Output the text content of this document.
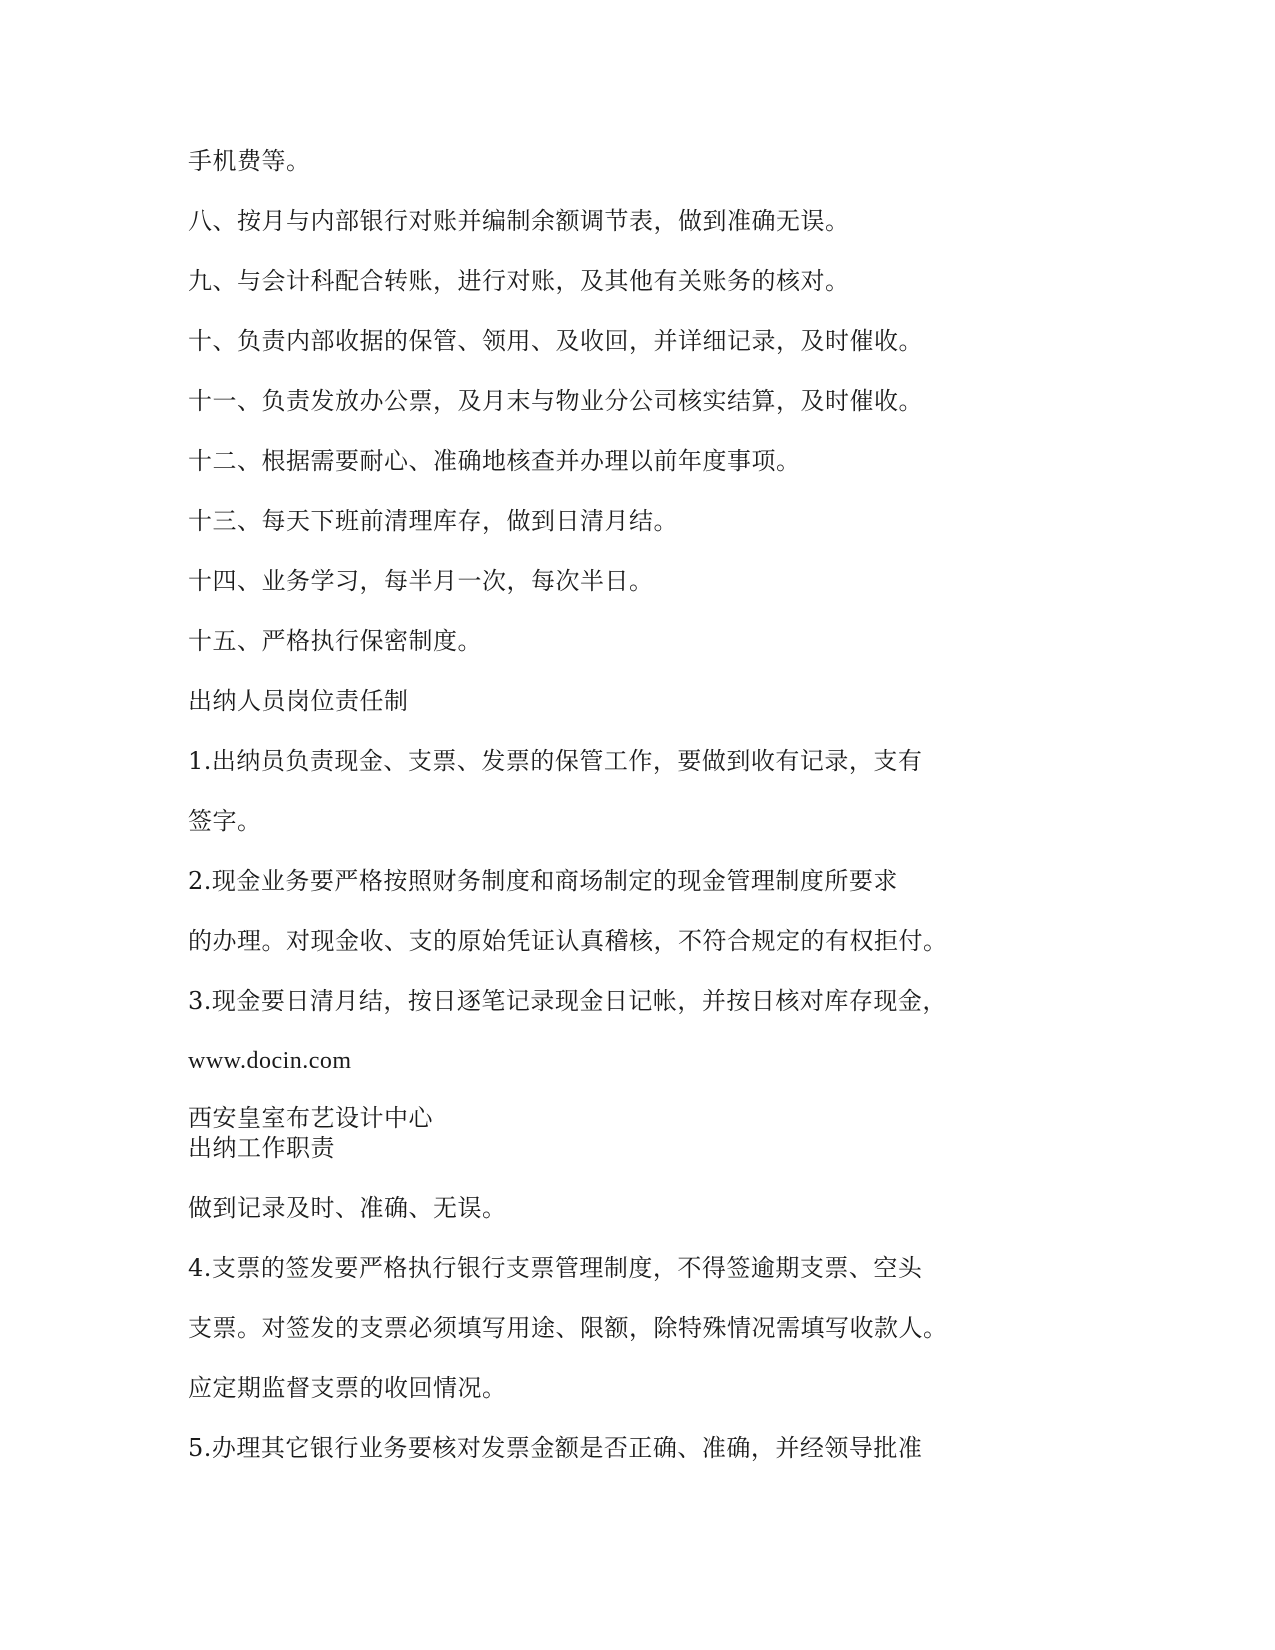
手机费等。
八、按月与内部银行对账并编制余额调节表，做到准确无误。
九、与会计科配合转账，进行对账，及其他有关账务的核对。
十、负责内部收据的保管、领用、及收回，并详细记录，及时催收。
十一、负责发放办公票，及月末与物业分公司核实结算，及时催收。
十二、根据需要耐心、准确地核查并办理以前年度事项。
十三、每天下班前清理库存，做到日清月结。
十四、业务学习，每半月一次，每次半日。
十五、严格执行保密制度。
出纳人员岗位责任制
1.出纳员负责现金、支票、发票的保管工作，要做到收有记录，支有
签字。
2.现金业务要严格按照财务制度和商场制定的现金管理制度所要求
的办理。对现金收、支的原始凭证认真稽核，不符合规定的有权拒付。
3.现金要日清月结，按日逐笔记录现金日记帐，并按日核对库存现金，
www.docin.com
西安皇室布艺设计中心
出纳工作职责
做到记录及时、准确、无误。
4.支票的签发要严格执行银行支票管理制度，不得签逾期支票、空头
支票。对签发的支票必须填写用途、限额，除特殊情况需填写收款人。
应定期监督支票的收回情况。
5.办理其它银行业务要核对发票金额是否正确、准确，并经领导批准
